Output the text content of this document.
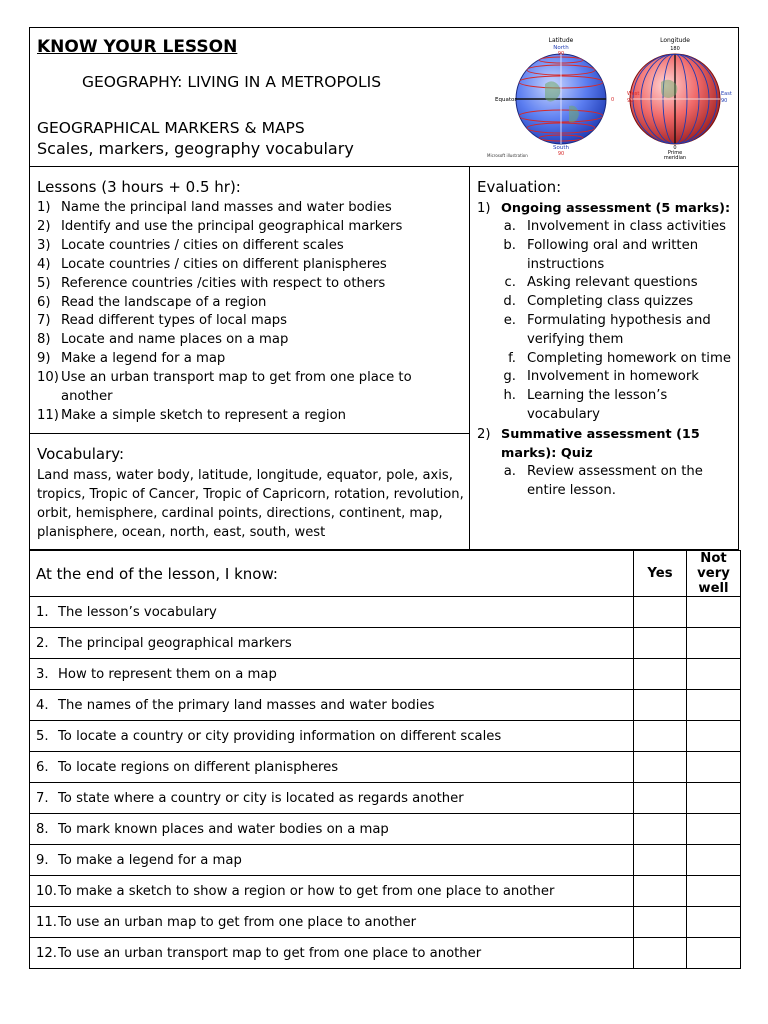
KNOW YOUR LESSON
GEOGRAPHY: LIVING IN A METROPOLIS
GEOGRAPHICAL MARKERS & MAPS
Scales, markers, geography vocabulary
Latitude
North
90
Equator	0
South
90
Microsoft illustration
Longitude
180
West
90
East
90
0
Prime
meridian
Lessons (3 hours + 0.5 hr):
1) Name the principal land masses and water bodies
2) Identify and use the principal geographical markers
3) Locate countries / cities on different scales
4) Locate countries / cities on different planispheres
5) Reference countries /cities with respect to others
6) Read the landscape of a region
7) Read different types of local maps
8) Locate and name places on a map
9) Make a legend for a map
10) Use an urban transport map to get from one place to another
11) Make a simple sketch to represent a region
Vocabulary:
Land mass, water body, latitude, longitude, equator, pole, axis, tropics, Tropic of Cancer, Tropic of Capricorn, rotation, revolution, orbit, hemisphere, cardinal points, directions, continent, map, planisphere, ocean, north, east, south, west
Evaluation:
1) Ongoing assessment (5 marks):
a. Involvement in class activities
b. Following oral and written instructions
c. Asking relevant questions
d. Completing class quizzes
e. Formulating hypothesis and verifying them
f. Completing homework on time
g. Involvement in homework
h. Learning the lesson’s vocabulary
2) Summative assessment (15 marks): Quiz
a. Review assessment on the entire lesson.
At the end of the lesson, I know:	Yes	Not very well
1. The lesson’s vocabulary		
2. The principal geographical markers		
3. How to represent them on a map		
4. The names of the primary land masses and water bodies		
5. To locate a country or city providing information on different scales		
6. To locate regions on different planispheres		
7. To state where a country or city is located as regards another		
8. To mark known places and water bodies on a map		
9. To make a legend for a map		
10.To make a sketch to show a region or how to get from one place to another		
11.To use an urban map to get from one place to another		
12.To use an urban transport map to get from one place to another		
